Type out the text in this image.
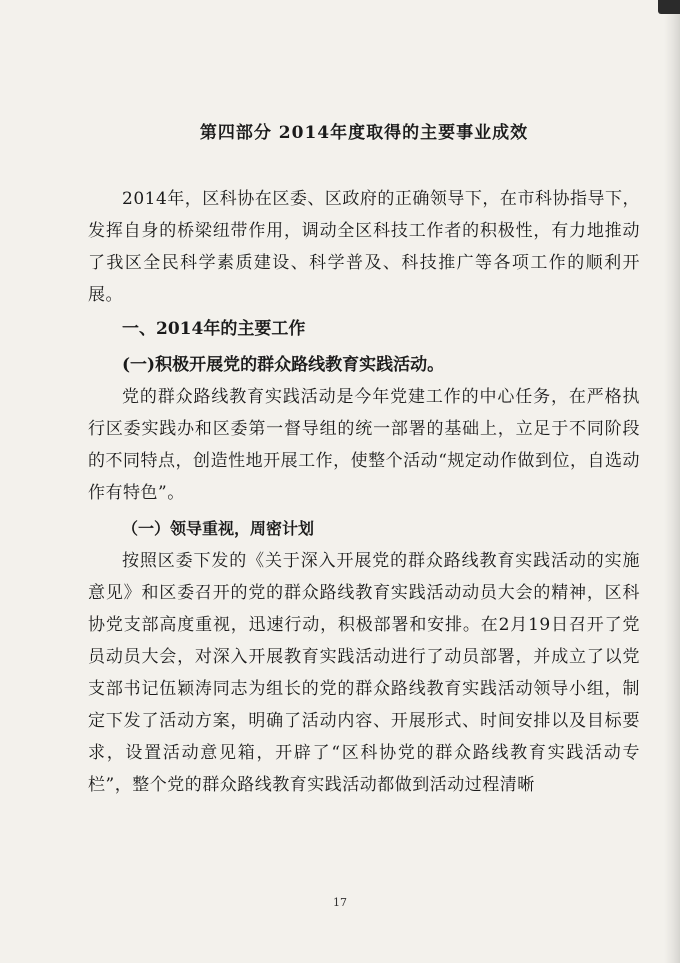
第四部分 2014年度取得的主要事业成效

2014年，区科协在区委、区政府的正确领导下，在市科协指导下，发挥自身的桥梁纽带作用，调动全区科技工作者的积极性，有力地推动了我区全民科学素质建设、科学普及、科技推广等各项工作的顺利开展。

一、2014年的主要工作
(一)积极开展党的群众路线教育实践活动。

党的群众路线教育实践活动是今年党建工作的中心任务，在严格执行区委实践办和区委第一督导组的统一部署的基础上，立足于不同阶段的不同特点，创造性地开展工作，使整个活动“规定动作做到位，自选动作有特色”。

（一）领导重视，周密计划

按照区委下发的《关于深入开展党的群众路线教育实践活动的实施意见》和区委召开的党的群众路线教育实践活动动员大会的精神，区科协党支部高度重视，迅速行动，积极部署和安排。在2月19日召开了党员动员大会，对深入开展教育实践活动进行了动员部署，并成立了以党支部书记伍颖涛同志为组长的党的群众路线教育实践活动领导小组，制定下发了活动方案，明确了活动内容、开展形式、时间安排以及目标要求，设置活动意见箱，开辟了“区科协党的群众路线教育实践活动专栏”，整个党的群众路线教育实践活动都做到活动过程清晰

17
